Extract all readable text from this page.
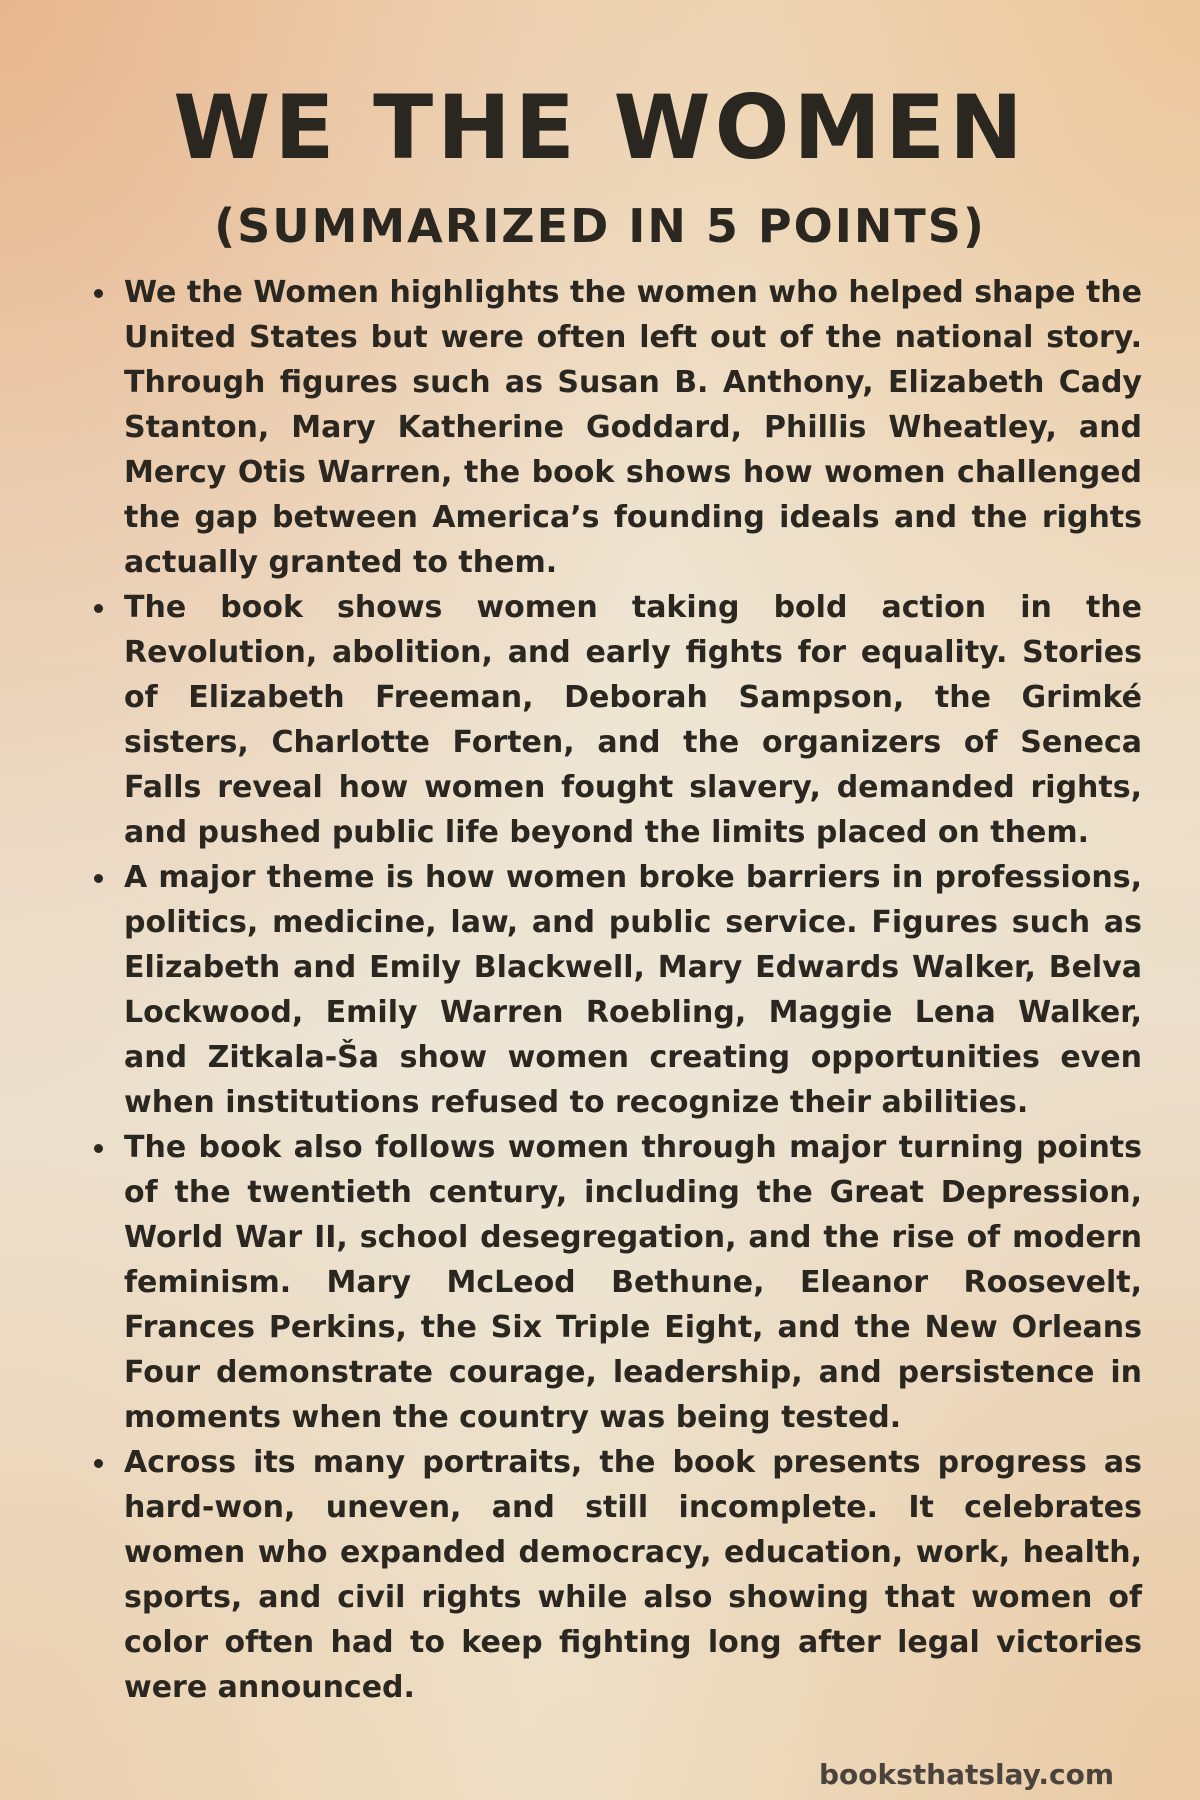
WE THE WOMEN
(SUMMARIZED IN 5 POINTS)
We the Women highlights the women who helped shape the United States but were often left out of the national story. Through figures such as Susan B. Anthony, Elizabeth Cady Stanton, Mary Katherine Goddard, Phillis Wheatley, and Mercy Otis Warren, the book shows how women challenged the gap between America’s founding ideals and the rights actually granted to them.
The book shows women taking bold action in the Revolution, abolition, and early fights for equality. Stories of Elizabeth Freeman, Deborah Sampson, the Grimké sisters, Charlotte Forten, and the organizers of Seneca Falls reveal how women fought slavery, demanded rights, and pushed public life beyond the limits placed on them.
A major theme is how women broke barriers in professions, politics, medicine, law, and public service. Figures such as Elizabeth and Emily Blackwell, Mary Edwards Walker, Belva Lockwood, Emily Warren Roebling, Maggie Lena Walker, and Zitkala-Ša show women creating opportunities even when institutions refused to recognize their abilities.
The book also follows women through major turning points of the twentieth century, including the Great Depression, World War II, school desegregation, and the rise of modern feminism. Mary McLeod Bethune, Eleanor Roosevelt, Frances Perkins, the Six Triple Eight, and the New Orleans Four demonstrate courage, leadership, and persistence in moments when the country was being tested.
Across its many portraits, the book presents progress as hard-won, uneven, and still incomplete. It celebrates women who expanded democracy, education, work, health, sports, and civil rights while also showing that women of color often had to keep fighting long after legal victories were announced.
booksthatslay.com
